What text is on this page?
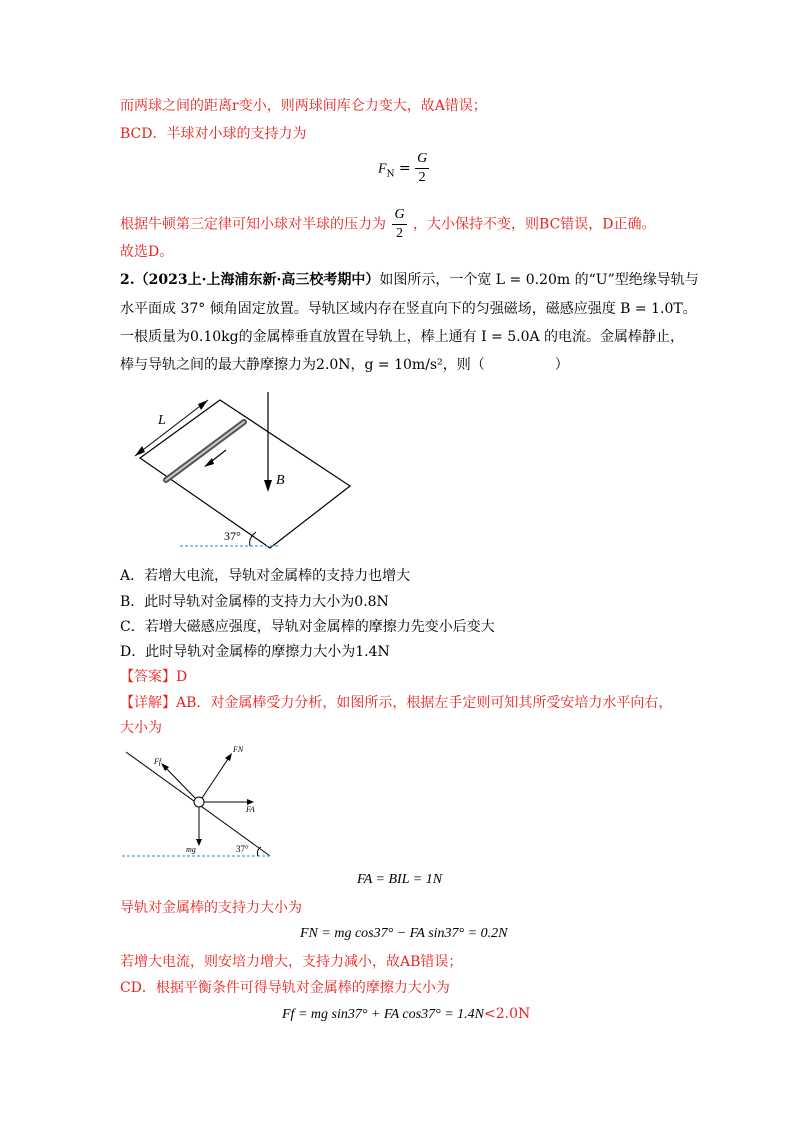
而两球之间的距离r变小，则两球间库仑力变大，故A错误；
BCD．半球对小球的支持力为
$F_N = \frac{G}{2}$
根据牛顿第三定律可知小球对半球的压力为 $\frac{G}{2}$ ，大小保持不变，则BC错误，D正确。
故选D。
2.（2023上·上海浦东新·高三校考期中）如图所示，一个宽 L = 0.20m 的“U”型绝缘导轨与
水平面成 37° 倾角固定放置。导轨区域内存在竖直向下的匀强磁场，磁感应强度 B = 1.0T。
一根质量为0.10kg的金属棒垂直放置在导轨上，棒上通有 I = 5.0A 的电流。金属棒静止，
棒与导轨之间的最大静摩擦力为2.0N，g = 10m/s²，则（　　　　　）
L
B
37°
A．若增大电流，导轨对金属棒的支持力也增大
B．此时导轨对金属棒的支持力大小为0.8N
C．若增大磁感应强度，导轨对金属棒的摩擦力先变小后变大
D．此时导轨对金属棒的摩擦力大小为1.4N
【答案】D
【详解】AB．对金属棒受力分析，如图所示，根据左手定则可知其所受安培力水平向右，
大小为
Ff
FN
FA
mg	37°
FA = BIL = 1N
导轨对金属棒的支持力大小为
FN = mg cos37° − FA sin37° = 0.2N
若增大电流，则安培力增大，支持力减小，故AB错误；
CD．根据平衡条件可得导轨对金属棒的摩擦力大小为
Ff = mg sin37° + FA cos37° = 1.4N<2.0N
